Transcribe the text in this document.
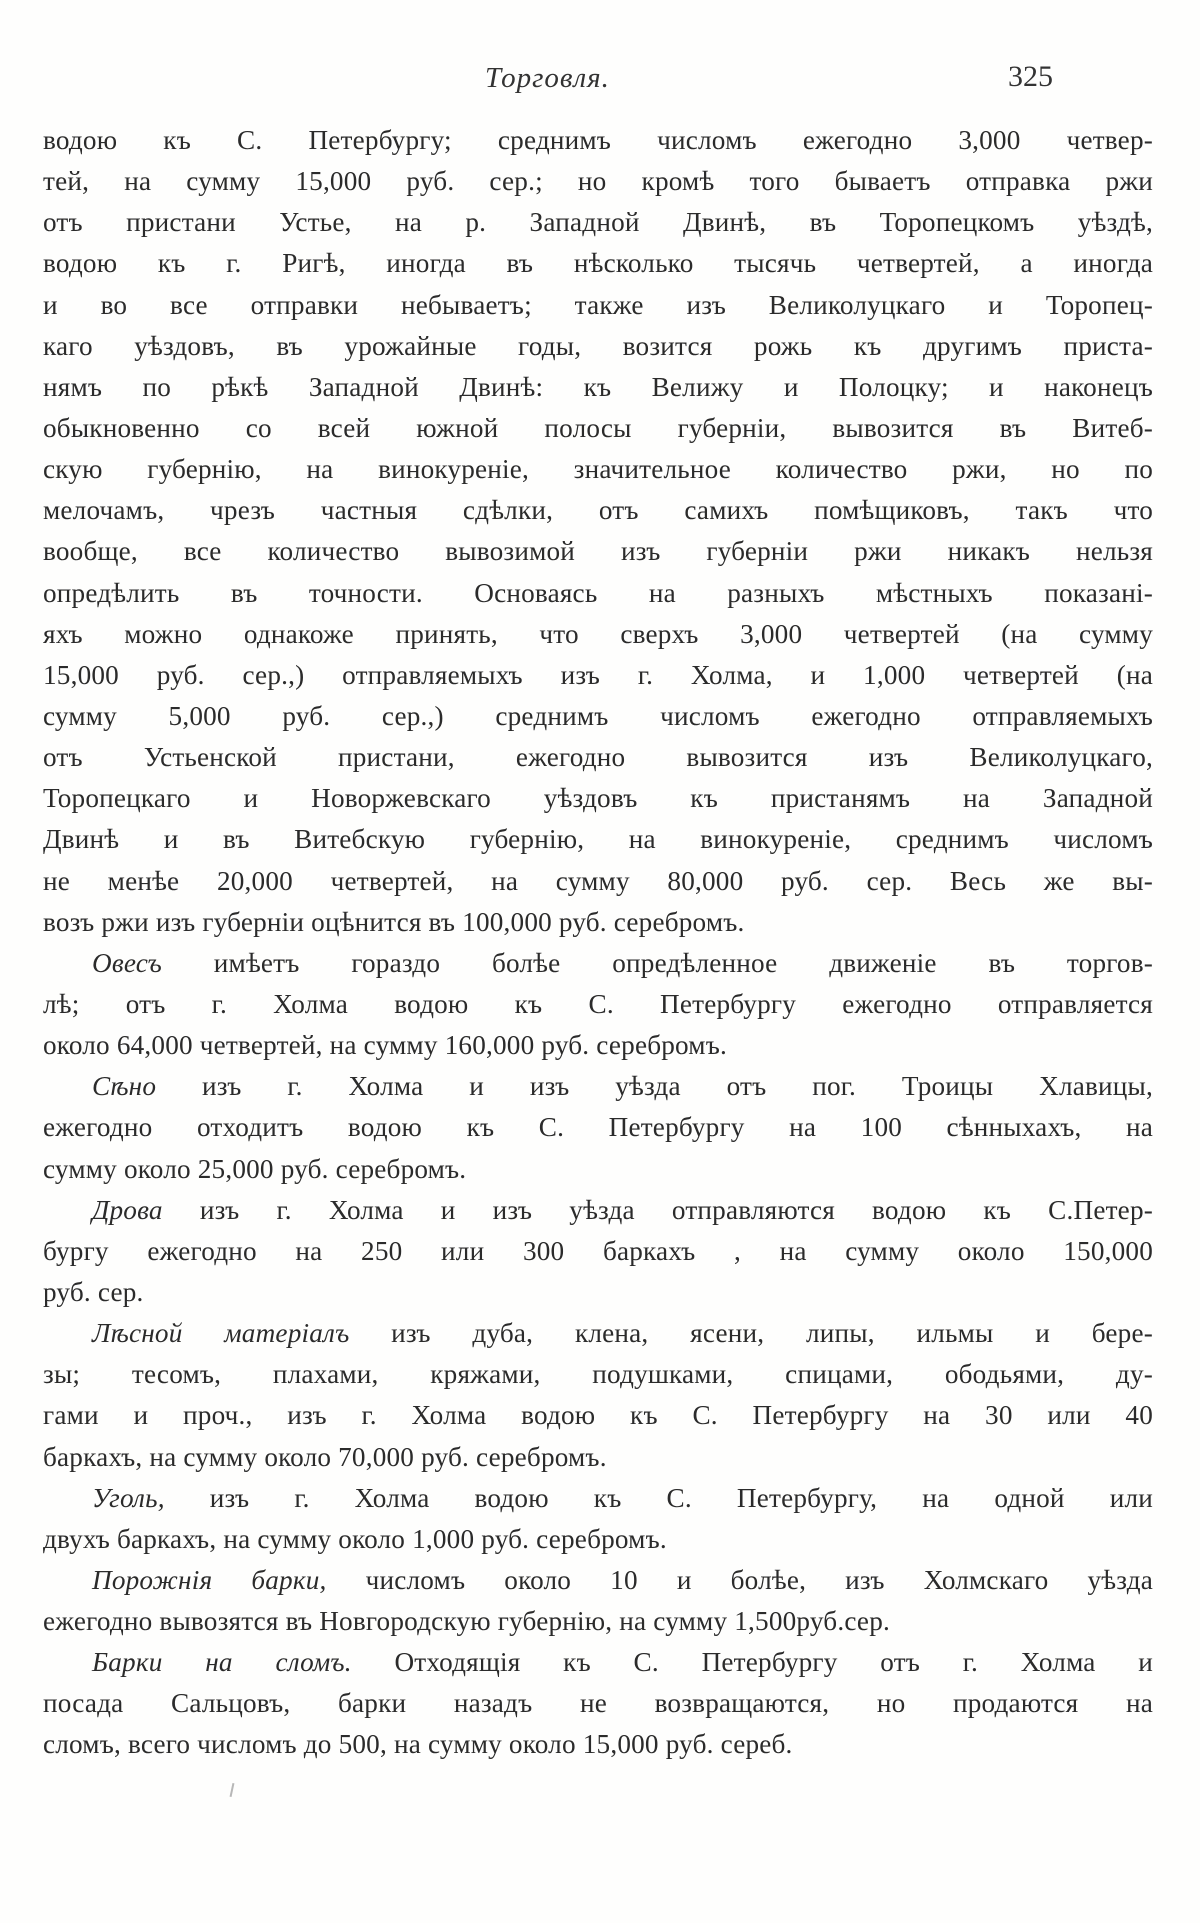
Торговля.	325
водою къ С. Петербургу; среднимъ числомъ ежегодно 3,000 четвер-
тей, на сумму 15,000 руб. сер.; но кромѣ того бываетъ отправка ржи
отъ пристани Устье, на р. Западной Двинѣ, въ Торопецкомъ уѣздѣ,
водою къ г. Ригѣ, иногда въ нѣсколько тысячь четвертей, а иногда
и во все отправки небываетъ; также изъ Великолуцкаго и Торопец-
каго уѣздовъ, въ урожайные годы, возится рожь къ другимъ приста-
нямъ по рѣкѣ Западной Двинѣ: къ Велижу и Полоцку; и наконецъ
обыкновенно со всей южной полосы губерніи, вывозится въ Витеб-
скую губернію, на винокуреніе, значительное количество ржи, но по
мелочамъ, чрезъ частныя сдѣлки, отъ самихъ помѣщиковъ, такъ что
вообще, все количество вывозимой изъ губерніи ржи никакъ нельзя
опредѣлить въ точности. Основаясь на разныхъ мѣстныхъ показані-
яхъ можно однакоже принять, что сверхъ 3,000 четвертей (на сумму
15,000 руб. сер.,) отправляемыхъ изъ г. Холма, и 1,000 четвертей (на
сумму 5,000 руб. сер.,) среднимъ числомъ ежегодно отправляемыхъ
отъ Устьенской пристани, ежегодно вывозится изъ Великолуцкаго,
Торопецкаго и Новоржевскаго уѣздовъ къ пристанямъ на Западной
Двинѣ и въ Витебскую губернію, на винокуреніе, среднимъ числомъ
не менѣе 20,000 четвертей, на сумму 80,000 руб. сер. Весь же вы-
возъ ржи изъ губерніи оцѣнится въ 100,000 руб. серебромъ.
Овесъ имѣетъ гораздо болѣе опредѣленное движеніе въ торгов-
лѣ; отъ г. Холма водою къ С. Петербургу ежегодно отправляется
около 64,000 четвертей, на сумму 160,000 руб. серебромъ.
Сѣно изъ г. Холма и изъ уѣзда отъ пог. Троицы Хлавицы,
ежегодно отходитъ водою къ С. Петербургу на 100 сѣнныхахъ, на
сумму около 25,000 руб. серебромъ.
Дрова изъ г. Холма и изъ уѣзда отправляются водою къ С.Петер-
бургу ежегодно на 250 или 300 баркахъ , на сумму около 150,000
руб. сер.
Лѣсной матеріалъ изъ дуба, клена, ясени, липы, ильмы и бере-
зы; тесомъ, плахами, кряжами, подушками, спицами, ободьями, ду-
гами и проч., изъ г. Холма водою къ С. Петербургу на 30 или 40
баркахъ, на сумму около 70,000 руб. серебромъ.
Уголь, изъ г. Холма водою къ С. Петербургу, на одной или
двухъ баркахъ, на сумму около 1,000 руб. серебромъ.
Порожнія барки, числомъ около 10 и болѣе, изъ Холмскаго уѣзда
ежегодно вывозятся въ Новгородскую губернію, на сумму 1,500руб.сер.
Барки на сломъ. Отходящія къ С. Петербургу отъ г. Холма и
посада Сальцовъ, барки назадъ не возвращаются, но продаются на
сломъ, всего числомъ до 500, на сумму около 15,000 руб. сереб.
